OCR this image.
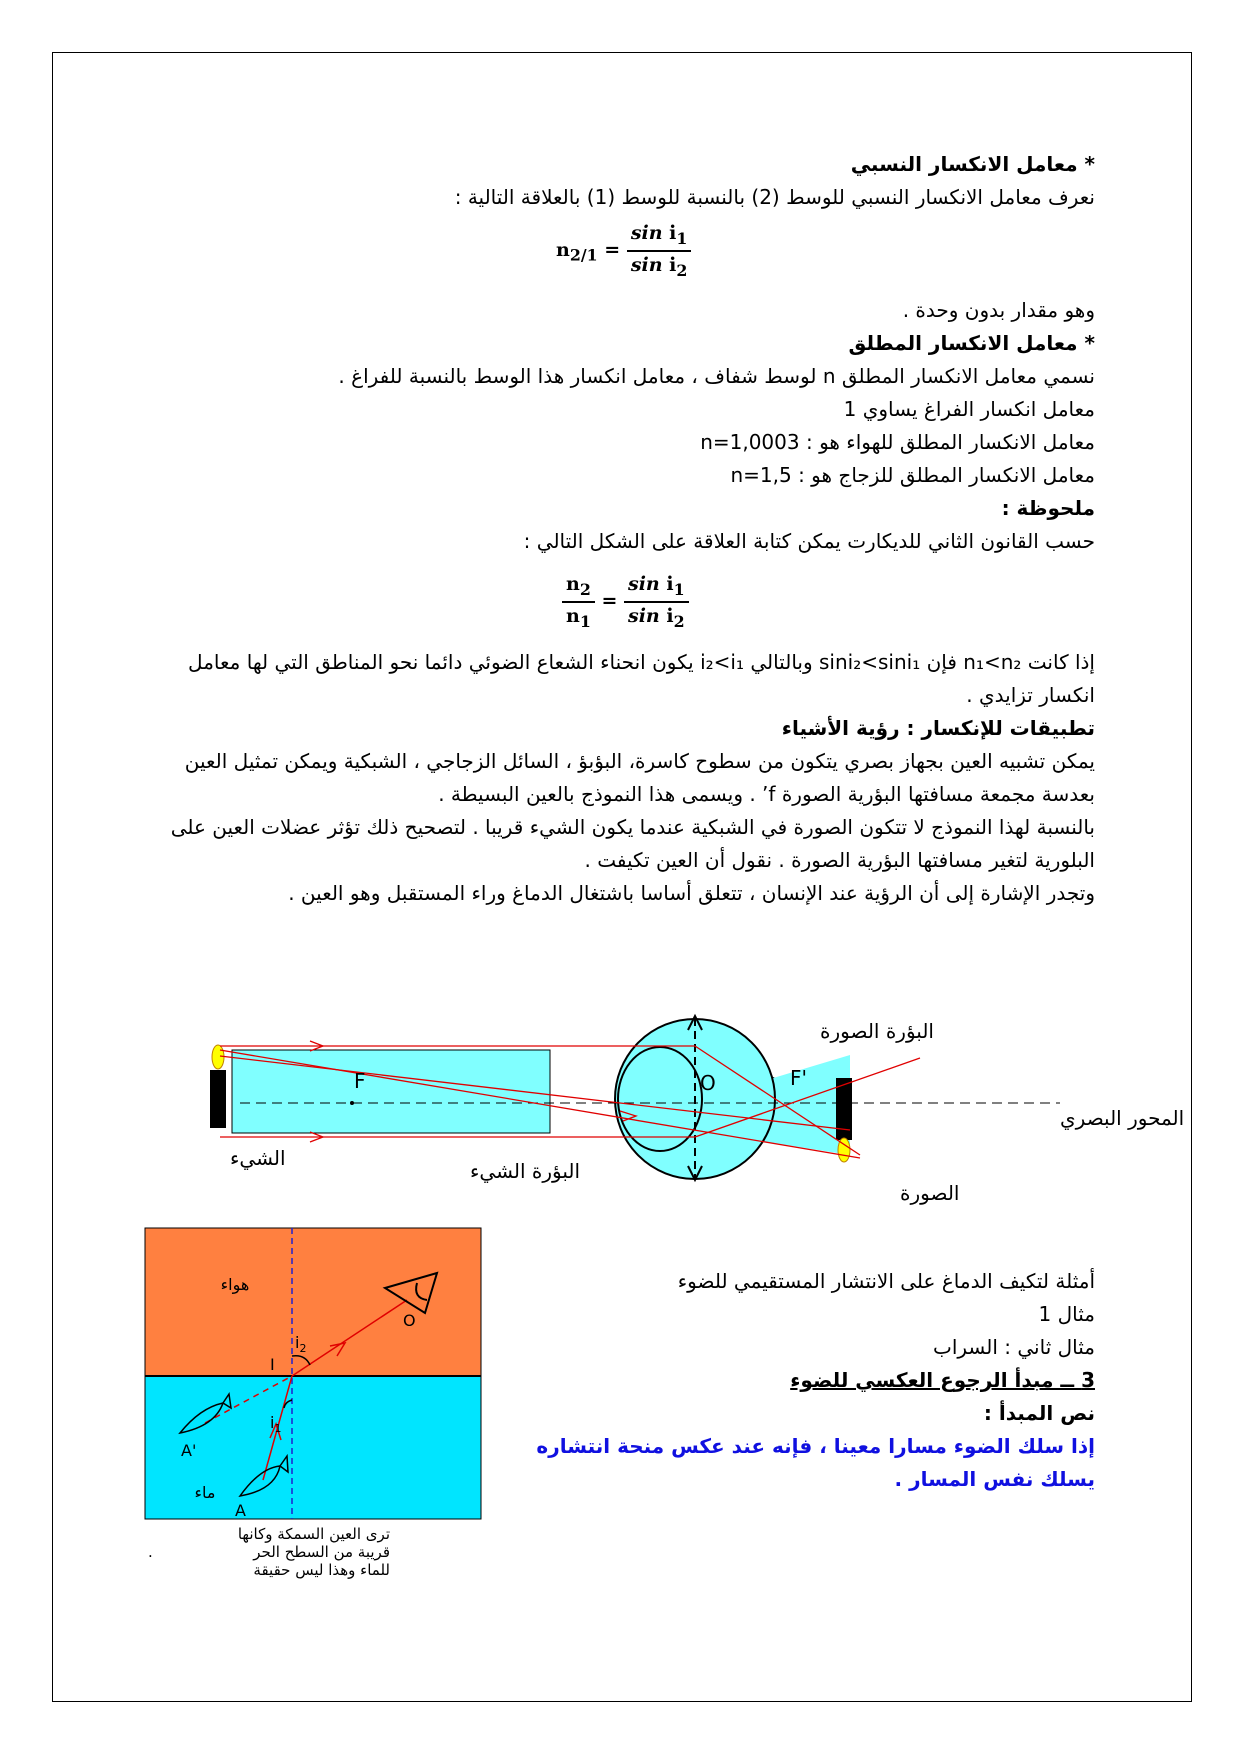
* معامل الانكسار النسبي
نعرف معامل الانكسار النسبي للوسط (2) بالنسبة للوسط (1) بالعلاقة التالية :
$n_{2/1} = \frac{\sin i_1}{\sin i_2}$
وهو مقدار بدون وحدة .
* معامل الانكسار المطلق
نسمي معامل الانكسار المطلق n لوسط شفاف ، معامل انكسار هذا الوسط بالنسبة للفراغ .
معامل انكسار الفراغ يساوي 1
معامل الانكسار المطلق للهواء هو : n=1,0003
معامل الانكسار المطلق للزجاج هو : n=1,5
ملحوظة :
حسب القانون الثاني للديكارت يمكن كتابة العلاقة على الشكل التالي :
$\frac{n_2}{n_1} = \frac{\sin i_1}{\sin i_2}$
إذا كانت n₁<n₂ فإن sini₂<sini₁ وبالتالي i₂<i₁ يكون انحناء الشعاع الضوئي دائما نحو المناطق التي لها معامل انكسار تزايدي .
تطبيقات للإنكسار : رؤية الأشياء
يمكن تشبيه العين بجهاز بصري يتكون من سطوح كاسرة، البؤبؤ ، السائل الزجاجي ، الشبكية ويمكن تمثيل العين بعدسة مجمعة مسافتها البؤرية الصورة f’ . ويسمى هذا النموذج بالعين البسيطة .
بالنسبة لهذا النموذج لا تتكون الصورة في الشبكية عندما يكون الشيء قريبا . لتصحيح ذلك تؤثر عضلات العين على البلورية لتغير مسافتها البؤرية الصورة . نقول أن العين تكيفت .
وتجدر الإشارة إلى أن الرؤية عند الإنسان ، تتعلق أساسا باشتغال الدماغ وراء المستقبل وهو العين .
F	O	F'
البؤرة الصورة
الشيء
البؤرة الشيء
المحور البصري
الصورة
O
هواء
ماء
I
$i_2$
$i_1$
A'
A
ترى العين السمكة وكانها
قريبة من السطح الحر
للماء وهذا ليس حقيقة
.
أمثلة لتكيف الدماغ على الانتشار المستقيمي للضوء
مثال 1
مثال ثاني : السراب
3 ــ مبدأ الرجوع العكسي للضوء
نص المبدأ :
إذا سلك الضوء مسارا معينا ، فإنه عند عكس منحة انتشاره يسلك نفس المسار .
